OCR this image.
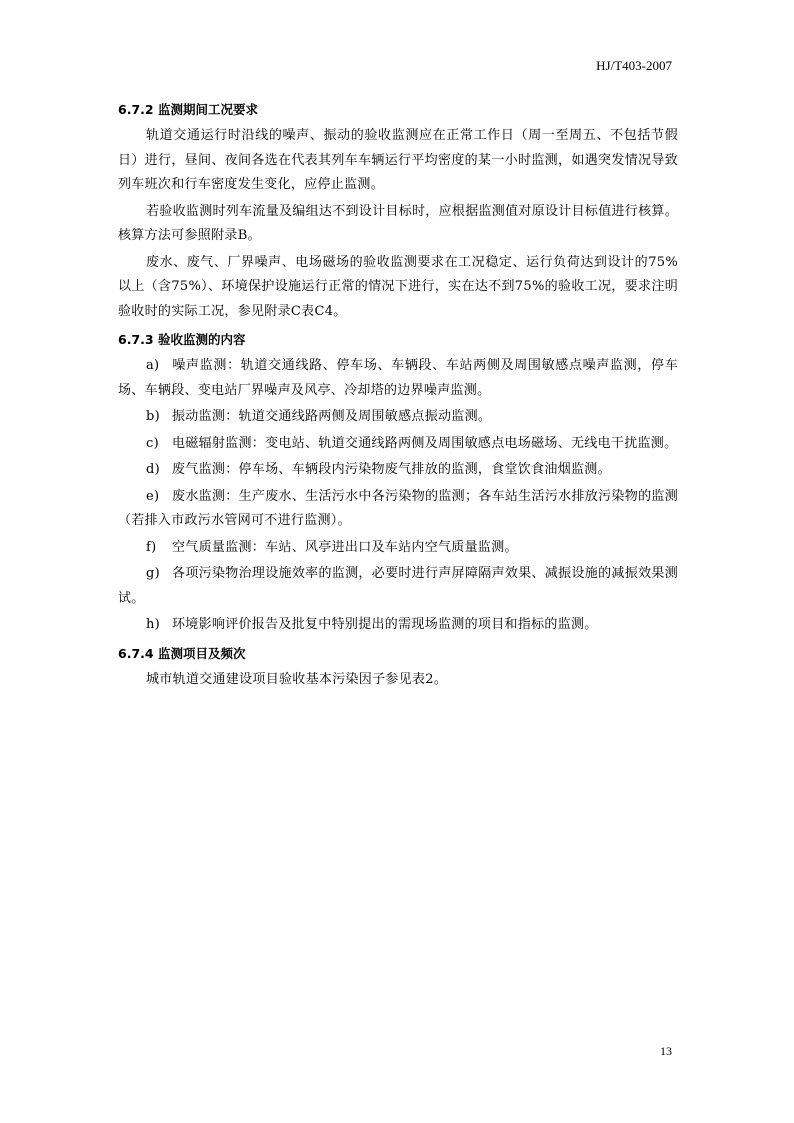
HJ/T403-2007
6.7.2 监测期间工况要求

轨道交通运行时沿线的噪声、振动的验收监测应在正常工作日（周一至周五、不包括节假日）进行，昼间、夜间各选在代表其列车车辆运行平均密度的某一小时监测，如遇突发情况导致列车班次和行车密度发生变化，应停止监测。

若验收监测时列车流量及编组达不到设计目标时，应根据监测值对原设计目标值进行核算。核算方法可参照附录B。

废水、废气、厂界噪声、电场磁场的验收监测要求在工况稳定、运行负荷达到设计的75%以上（含75%）、环境保护设施运行正常的情况下进行，实在达不到75%的验收工况，要求注明验收时的实际工况，参见附录C表C4。

6.7.3 验收监测的内容

a) 噪声监测：轨道交通线路、停车场、车辆段、车站两侧及周围敏感点噪声监测，停车场、车辆段、变电站厂界噪声及风亭、冷却塔的边界噪声监测。

b) 振动监测：轨道交通线路两侧及周围敏感点振动监测。

c) 电磁辐射监测：变电站、轨道交通线路两侧及周围敏感点电场磁场、无线电干扰监测。

d) 废气监测：停车场、车辆段内污染物废气排放的监测，食堂饮食油烟监测。

e) 废水监测：生产废水、生活污水中各污染物的监测；各车站生活污水排放污染物的监测（若排入市政污水管网可不进行监测）。

f) 空气质量监测：车站、风亭进出口及车站内空气质量监测。

g) 各项污染物治理设施效率的监测，必要时进行声屏障隔声效果、减振设施的减振效果测试。

h) 环境影响评价报告及批复中特别提出的需现场监测的项目和指标的监测。

6.7.4 监测项目及频次

城市轨道交通建设项目验收基本污染因子参见表2。

13
